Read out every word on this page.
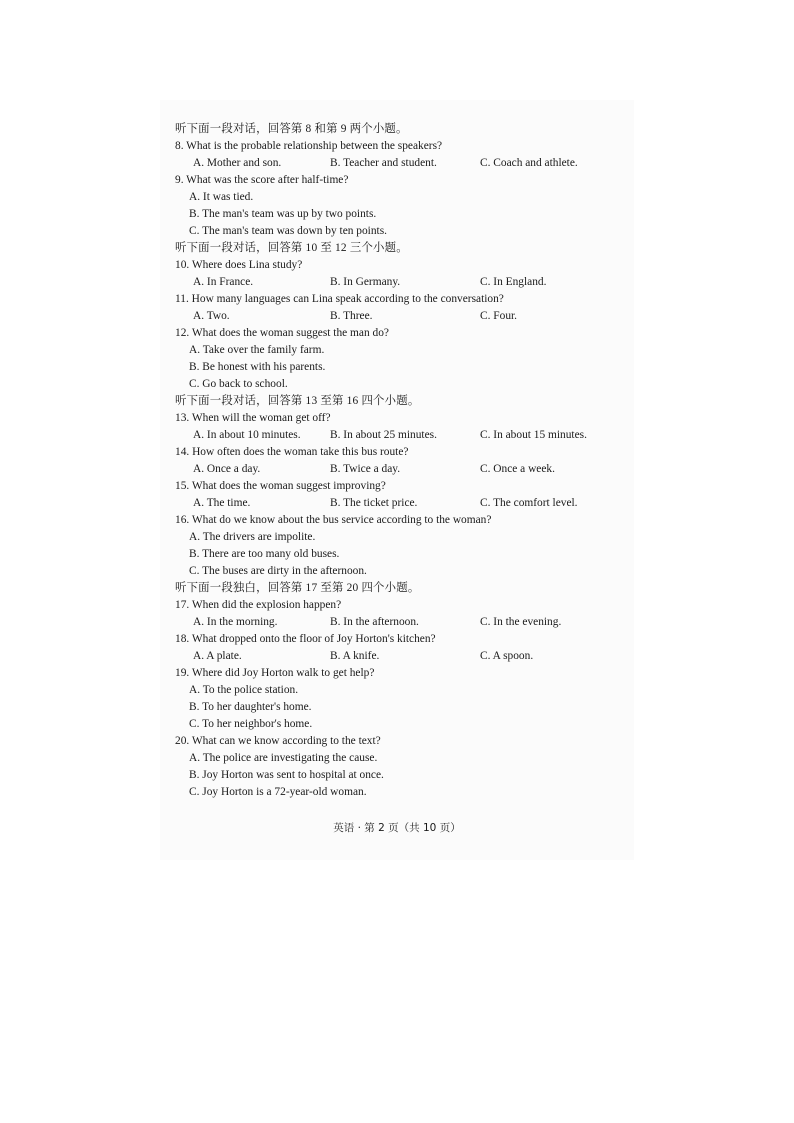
听下面一段对话，回答第 8 和第 9 两个小题。
8. What is the probable relationship between the speakers?
A. Mother and son.	B. Teacher and student.	C. Coach and athlete.
9. What was the score after half-time?
A. It was tied.
B. The man's team was up by two points.
C. The man's team was down by ten points.
听下面一段对话，回答第 10 至 12 三个小题。
10. Where does Lina study?
A. In France.	B. In Germany.	C. In England.
11. How many languages can Lina speak according to the conversation?
A. Two.	B. Three.	C. Four.
12. What does the woman suggest the man do?
A. Take over the family farm.
B. Be honest with his parents.
C. Go back to school.
听下面一段对话，回答第 13 至第 16 四个小题。
13. When will the woman get off?
A. In about 10 minutes.	B. In about 25 minutes.	C. In about 15 minutes.
14. How often does the woman take this bus route?
A. Once a day.	B. Twice a day.	C. Once a week.
15. What does the woman suggest improving?
A. The time.	B. The ticket price.	C. The comfort level.
16. What do we know about the bus service according to the woman?
A. The drivers are impolite.
B. There are too many old buses.
C. The buses are dirty in the afternoon.
听下面一段独白，回答第 17 至第 20 四个小题。
17. When did the explosion happen?
A. In the morning.	B. In the afternoon.	C. In the evening.
18. What dropped onto the floor of Joy Horton's kitchen?
A. A plate.	B. A knife.	C. A spoon.
19. Where did Joy Horton walk to get help?
A. To the police station.
B. To her daughter's home.
C. To her neighbor's home.
20. What can we know according to the text?
A. The police are investigating the cause.
B. Joy Horton was sent to hospital at once.
C. Joy Horton is a 72-year-old woman.
英语 · 第 2 页（共 10 页）
